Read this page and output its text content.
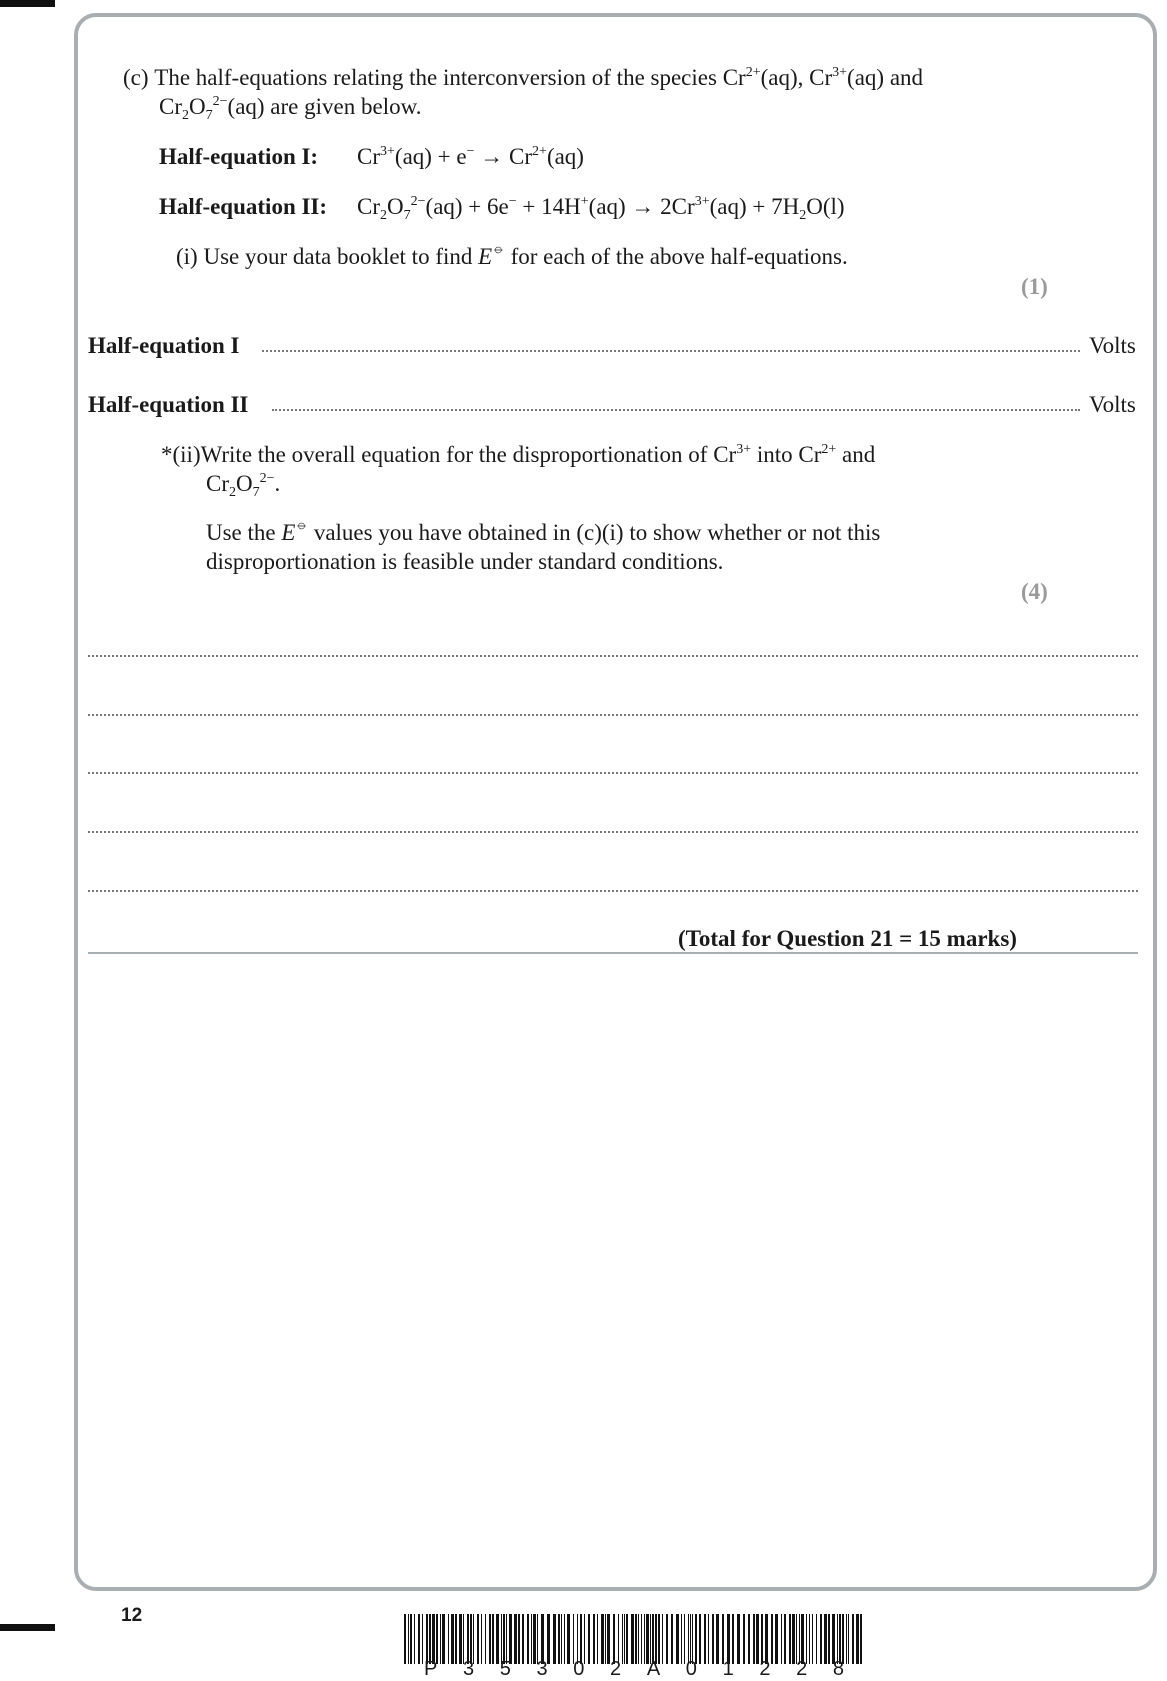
(c) The half-equations relating the interconversion of the species $Cr^{2+}(aq)$, $Cr^{3+}(aq)$ and
$Cr_2O_7^{2-}(aq)$ are given below.
Half-equation I: $Cr^{3+}(aq) + e^- \to Cr^{2+}(aq)$
Half-equation II: $Cr_2O_7^{2-}(aq) + 6e^- + 14H^+(aq) \to 2Cr^{3+}(aq) + 7H_2O(l)$
(i) Use your data booklet to find E⦵ for each of the above half-equations.
(1)
Half-equation I	Volts
Half-equation II	Volts
*(ii)Write the overall equation for the disproportionation of $Cr^{3+}$ into $Cr^{2+}$ and
$Cr_2O_7^{2-}$.
Use the E⦵ values you have obtained in (c)(i) to show whether or not this
disproportionation is feasible under standard conditions.
(4)
(Total for Question 21 = 15 marks)
12
P 3 5 3 0 2 A 0 1 2 2 8
